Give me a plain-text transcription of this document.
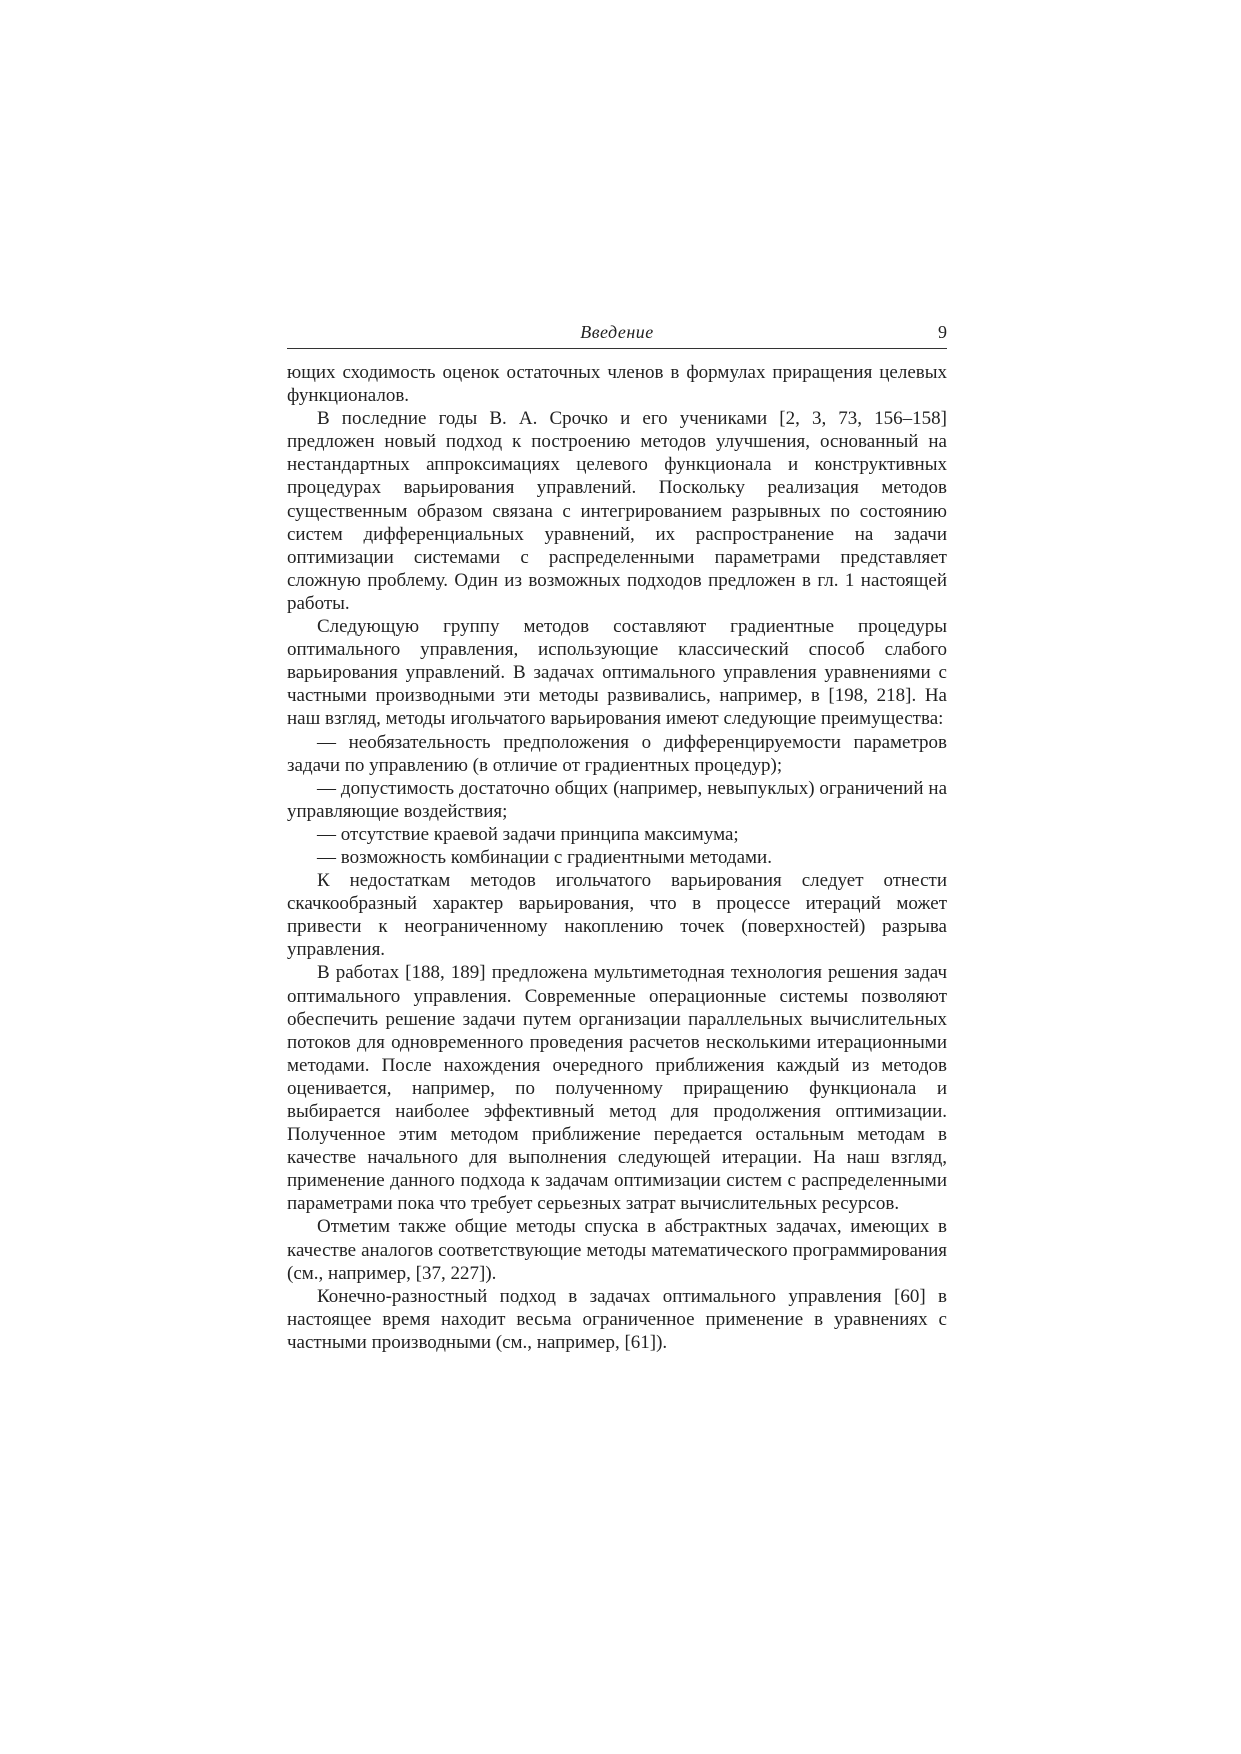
Введение	9

ющих сходимость оценок остаточных членов в формулах приращения целевых функционалов.

В последние годы В. А. Срочко и его учениками [2, 3, 73, 156–158] предложен новый подход к построению методов улучшения, основанный на нестандартных аппроксимациях целевого функционала и конструктивных процедурах варьирования управлений. Поскольку реализация методов существенным образом связана с интегрированием разрывных по состоянию систем дифференциальных уравнений, их распространение на задачи оптимизации системами с распределенными параметрами представляет сложную проблему. Один из возможных подходов предложен в гл. 1 настоящей работы.

Следующую группу методов составляют градиентные процедуры оптимального управления, использующие классический способ слабого варьирования управлений. В задачах оптимального управления уравнениями с частными производными эти методы развивались, например, в [198, 218]. На наш взгляд, методы игольчатого варьирования имеют следующие преимущества:

— необязательность предположения о дифференцируемости параметров задачи по управлению (в отличие от градиентных процедур);

— допустимость достаточно общих (например, невыпуклых) ограничений на управляющие воздействия;

— отсутствие краевой задачи принципа максимума;

— возможность комбинации с градиентными методами.

К недостаткам методов игольчатого варьирования следует отнести скачкообразный характер варьирования, что в процессе итераций может привести к неограниченному накоплению точек (поверхностей) разрыва управления.

В работах [188, 189] предложена мультиметодная технология решения задач оптимального управления. Современные операционные системы позволяют обеспечить решение задачи путем организации параллельных вычислительных потоков для одновременного проведения расчетов несколькими итерационными методами. После нахождения очередного приближения каждый из методов оценивается, например, по полученному приращению функционала и выбирается наиболее эффективный метод для продолжения оптимизации. Полученное этим методом приближение передается остальным методам в качестве начального для выполнения следующей итерации. На наш взгляд, применение данного подхода к задачам оптимизации систем с распределенными параметрами пока что требует серьезных затрат вычислительных ресурсов.

Отметим также общие методы спуска в абстрактных задачах, имеющих в качестве аналогов соответствующие методы математического программирования (см., например, [37, 227]).

Конечно-разностный подход в задачах оптимального управления [60] в настоящее время находит весьма ограниченное применение в уравнениях с частными производными (см., например, [61]).
